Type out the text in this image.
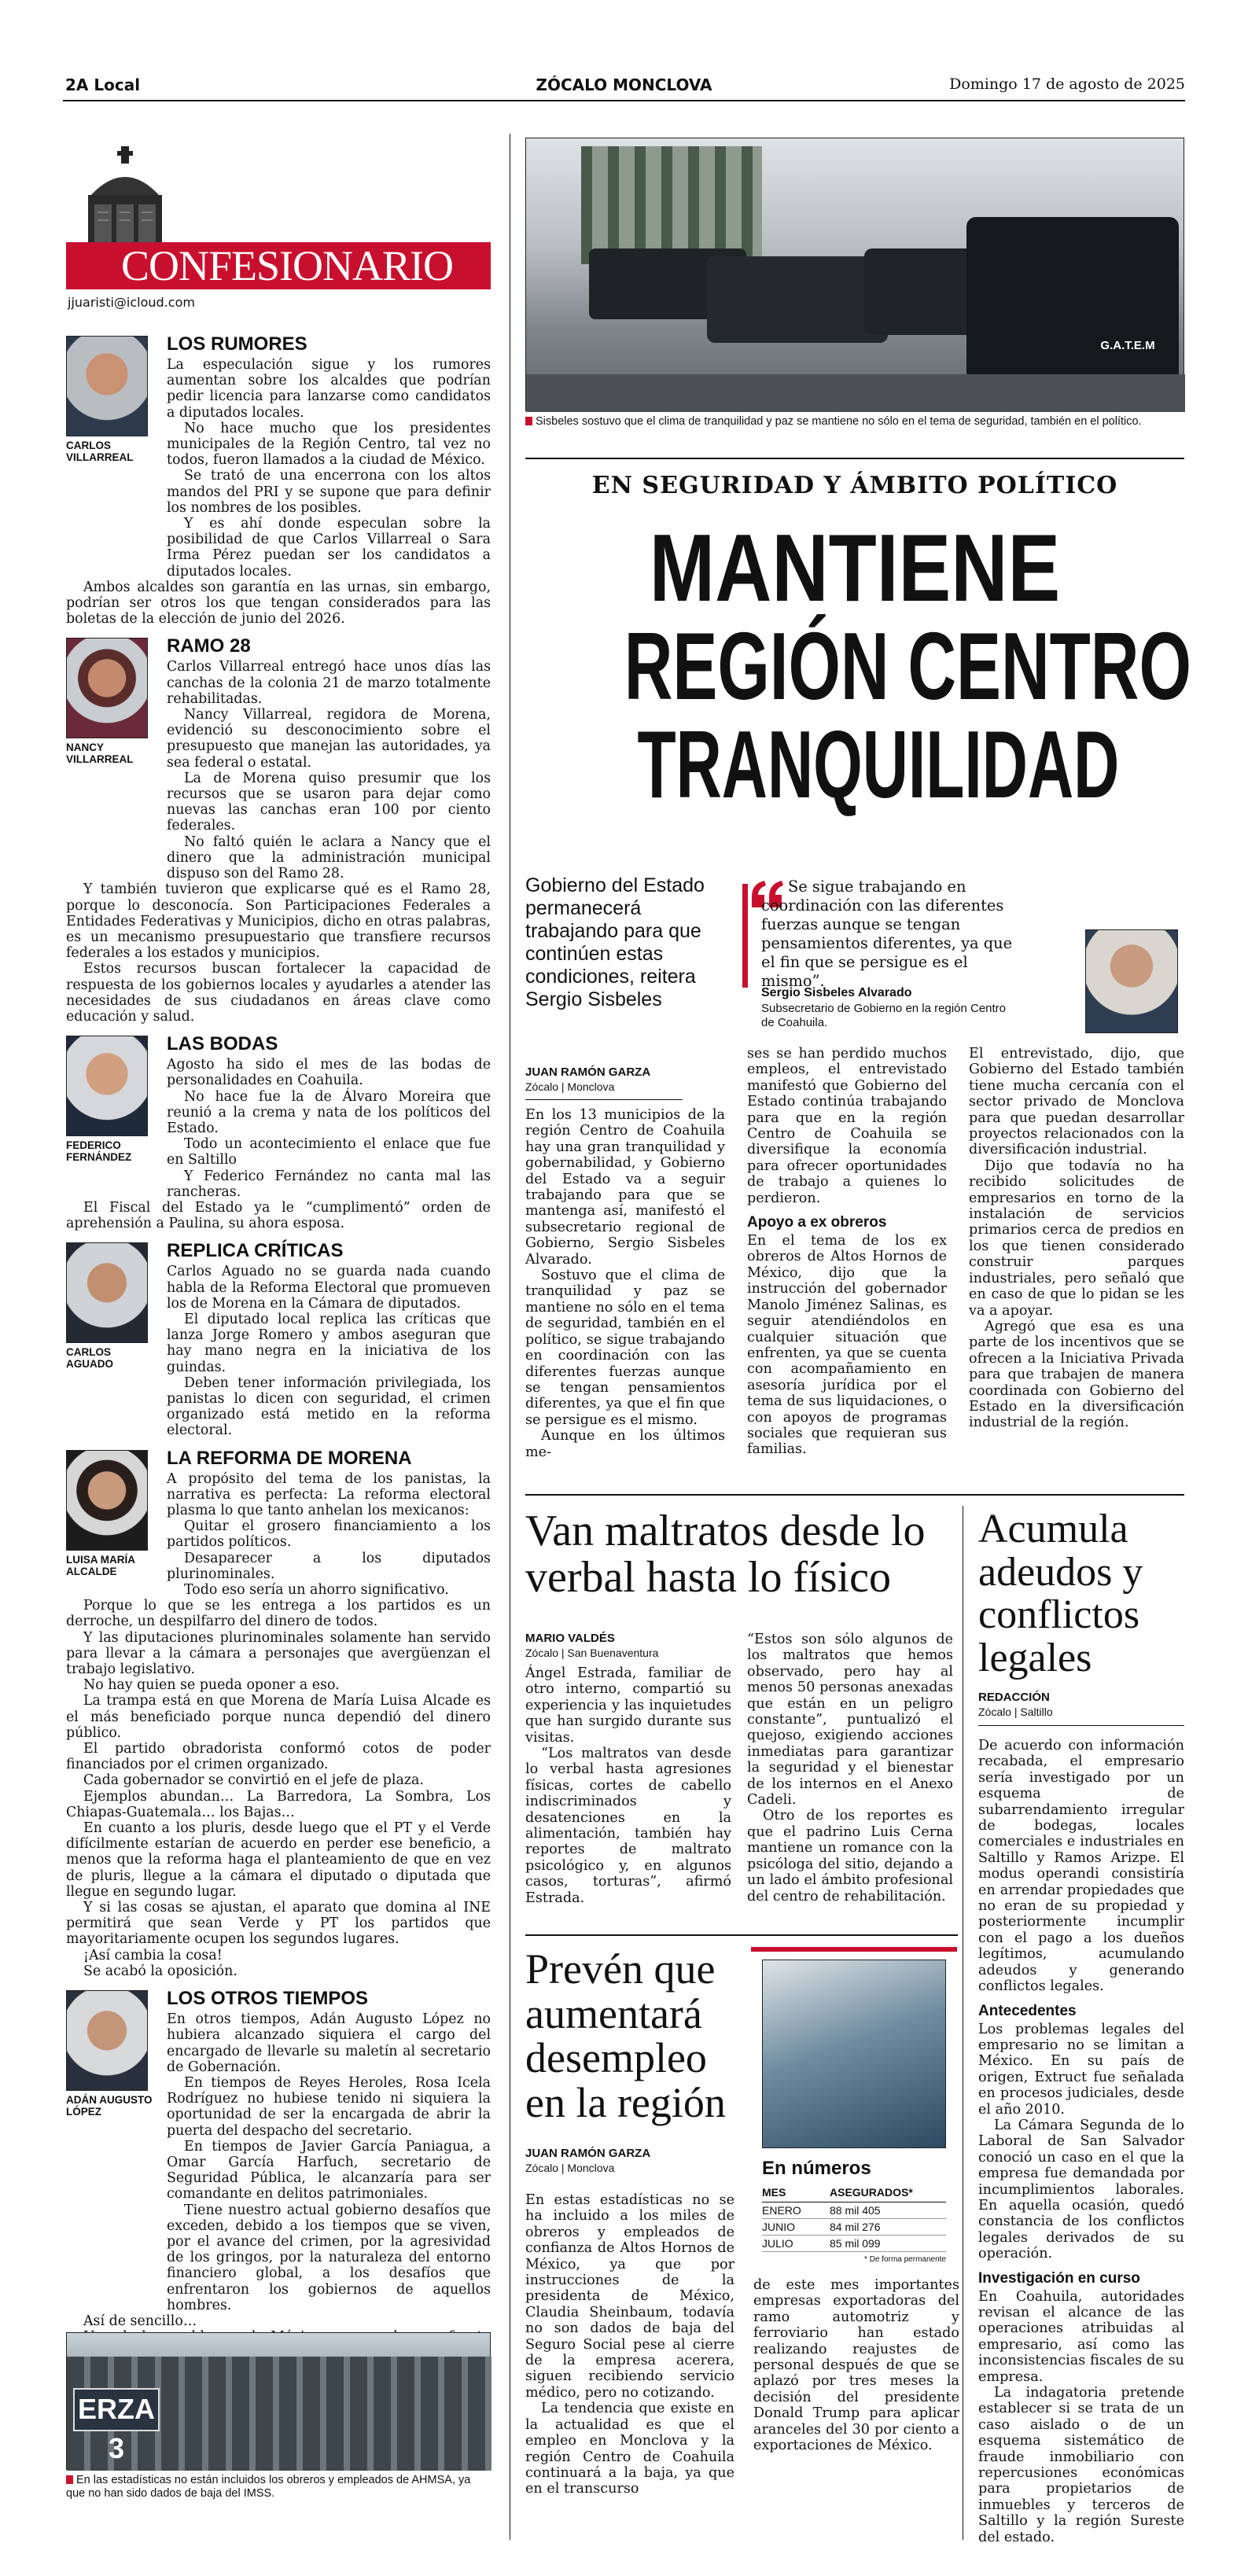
2A Local	ZÓCALO MONCLOVA	Domingo 17 de agosto de 2025
CONFESIONARIO
jjuaristi@icloud.com
CARLOS VILLARREAL
LOS RUMORES

La especulación sigue y los rumores aumentan sobre los alcaldes que podrían pedir licencia para lanzarse como candidatos a diputados locales.

No hace mucho que los presidentes municipales de la Región Centro, tal vez no todos, fueron llamados a la ciudad de México.

Se trató de una encerrona con los altos mandos del PRI y se supone que para definir los nombres de los posibles.

Y es ahí donde especulan sobre la posibilidad de que Carlos Villarreal o Sara Irma Pérez puedan ser los candidatos a diputados locales.

Ambos alcaldes son garantía en las urnas, sin embargo, podrían ser otros los que tengan considerados para las boletas de la elección de junio del 2026.

NANCY VILLARREAL
RAMO 28

Carlos Villarreal entregó hace unos días las canchas de la colonia 21 de marzo totalmente rehabilitadas.

Nancy Villarreal, regidora de Morena, evidenció su desconocimiento sobre el presupuesto que manejan las autoridades, ya sea federal o estatal.

La de Morena quiso presumir que los recursos que se usaron para dejar como nuevas las canchas eran 100 por ciento federales.

No faltó quién le aclara a Nancy que el dinero que la administración municipal dispuso son del Ramo 28.

Y también tuvieron que explicarse qué es el Ramo 28, porque lo desconocía. Son Participaciones Federales a Entidades Federativas y Municipios, dicho en otras palabras, es un mecanismo presupuestario que transfiere recursos federales a los estados y municipios.

Estos recursos buscan fortalecer la capacidad de respuesta de los gobiernos locales y ayudarles a atender las necesidades de sus ciudadanos en áreas clave como educación y salud.

FEDERICO FERNÁNDEZ
LAS BODAS

Agosto ha sido el mes de las bodas de personalidades en Coahuila.

No hace fue la de Álvaro Moreira que reunió a la crema y nata de los políticos del Estado.

Todo un acontecimiento el enlace que fue en Saltillo

Y Federico Fernández no canta mal las rancheras.

El Fiscal del Estado ya le “cumplimentó” orden de aprehensión a Paulina, su ahora esposa.

CARLOS AGUADO
REPLICA CRÍTICAS

Carlos Aguado no se guarda nada cuando habla de la Reforma Electoral que promueven los de Morena en la Cámara de diputados.

El diputado local replica las críticas que lanza Jorge Romero y ambos aseguran que hay mano negra en la iniciativa de los guindas.

Deben tener información privilegiada, los panistas lo dicen con seguridad, el crimen organizado está metido en la reforma electoral.

LUISA MARÍA ALCALDE
LA REFORMA DE MORENA

A propósito del tema de los panistas, la narrativa es perfecta: La reforma electoral plasma lo que tanto anhelan los mexicanos:

Quitar el grosero financiamiento a los partidos políticos.

Desaparecer a los diputados plurinominales.

Todo eso sería un ahorro significativo.

Porque lo que se les entrega a los partidos es un derroche, un despilfarro del dinero de todos.

Y las diputaciones plurinominales solamente han servido para llevar a la cámara a personajes que avergüenzan el trabajo legislativo.

No hay quien se pueda oponer a eso.

La trampa está en que Morena de María Luisa Alcade es el más beneficiado porque nunca dependió del dinero público.

El partido obradorista conformó cotos de poder financiados por el crimen organizado.

Cada gobernador se convirtió en el jefe de plaza.

Ejemplos abundan… La Barredora, La Sombra, Los Chiapas-Guatemala… los Bajas…

En cuanto a los pluris, desde luego que el PT y el Verde difícilmente estarían de acuerdo en perder ese beneficio, a menos que la reforma haga el planteamiento de que en vez de pluris, llegue a la cámara el diputado o diputada que llegue en segundo lugar.

Y si las cosas se ajustan, el aparato que domina al INE permitirá que sean Verde y PT los partidos que mayoritariamente ocupen los segundos lugares.

¡Así cambia la cosa!

Se acabó la oposición.

ADÁN AUGUSTO LÓPEZ
LOS OTROS TIEMPOS

En otros tiempos, Adán Augusto López no hubiera alcanzado siquiera el cargo del encargado de llevarle su maletín al secretario de Gobernación.

En tiempos de Reyes Heroles, Rosa Icela Rodríguez no hubiese tenido ni siquiera la oportunidad de ser la encargada de abrir la puerta del despacho del secretario.

En tiempos de Javier García Paniagua, a Omar García Harfuch, secretario de Seguridad Pública, le alcanzaría para ser comandante en delitos patrimoniales.

Tiene nuestro actual gobierno desafíos que exceden, debido a los tiempos que se viven, por el avance del crimen, por la agresividad de los gringos, por la naturaleza del entorno financiero global, a los desafíos que enfrentaron los gobiernos de aquellos hombres.

Así de sencillo…

ERZA 3
En las estadísticas no están incluidos los obreros y empleados de AHMSA, ya que no han sido dados de baja del IMSS.
G.A.T.E.M
Sisbeles sostuvo que el clima de tranquilidad y paz se mantiene no sólo en el tema de seguridad, también en el político.
EN SEGURIDAD Y ÁMBITO POLÍTICO
MANTIENE
REGIÓN CENTRO
TRANQUILIDAD
Gobierno del Estado permanecerá trabajando para que continúen estas condiciones, reitera Sergio Sisbeles
Se sigue trabajando en coordinación con las diferentes fuerzas aunque se tengan pensamientos diferentes, ya que el fin que se persigue es el mismo”.
Sergio Sisbeles Alvarado
Subsecretario de Gobierno en la región Centro de Coahuila.
JUAN RAMÓN GARZA
Zócalo | Monclova

En los 13 municipios de la región Centro de Coahuila hay una gran tranquilidad y gobernabilidad, y Gobierno del Estado va a seguir trabajando para que se mantenga así, manifestó el subsecretario regional de Gobierno, Sergio Sisbeles Alvarado.

Sostuvo que el clima de tranquilidad y paz se mantiene no sólo en el tema de seguridad, también en el político, se sigue trabajando en coordinación con las diferentes fuerzas aunque se tengan pensamientos diferentes, ya que el fin que se persigue es el mismo.

Aunque en los últimos me-

ses se han perdido muchos empleos, el entrevistado manifestó que Gobierno del Estado continúa trabajando para que en la región Centro de Coahuila se diversifique la economía para ofrecer oportunidades de trabajo a quienes lo perdieron.

Apoyo a ex obreros

En el tema de los ex obreros de Altos Hornos de México, dijo que la instrucción del gobernador Manolo Jiménez Salinas, es seguir atendiéndolos en cualquier situación que enfrenten, ya que se cuenta con acompañamiento en asesoría jurídica por el tema de sus liquidaciones, o con apoyos de programas sociales que requieran sus familias.

El entrevistado, dijo, que Gobierno del Estado también tiene mucha cercanía con el sector privado de Monclova para que puedan desarrollar proyectos relacionados con la diversificación industrial.

Dijo que todavía no ha recibido solicitudes de empresarios en torno de la instalación de servicios primarios cerca de predios en los que tienen considerado construir parques industriales, pero señaló que en caso de que lo pidan se les va a apoyar.

Agregó que esa es una parte de los incentivos que se ofrecen a la Iniciativa Privada para que trabajen de manera coordinada con Gobierno del Estado en la diversificación industrial de la región.

Van maltratos desde lo verbal hasta lo físico
MARIO VALDÉS
Zócalo | San Buenaventura

Ángel Estrada, familiar de otro interno, compartió su experiencia y las inquietudes que han surgido durante sus visitas.

“Los maltratos van desde lo verbal hasta agresiones físicas, cortes de cabello indiscriminados y desatenciones en la alimentación, también hay reportes de maltrato psicológico y, en algunos casos, torturas”, afirmó Estrada.

“Estos son sólo algunos de los maltratos que hemos observado, pero hay al menos 50 personas anexadas que están en un peligro constante”, puntualizó el quejoso, exigiendo acciones inmediatas para garantizar la seguridad y el bienestar de los internos en el Anexo Cadeli.

Otro de los reportes es que el padrino Luis Cerna mantiene un romance con la psicóloga del sitio, dejando a un lado el ámbito profesional del centro de rehabilitación.

Prevén que aumentará desempleo en la región
JUAN RAMÓN GARZA
Zócalo | Monclova

En estas estadísticas no se ha incluido a los miles de obreros y empleados de confianza de Altos Hornos de México, ya que por instrucciones de la presidenta de México, Claudia Sheinbaum, todavía no son dados de baja del Seguro Social pese al cierre de la empresa acerera, siguen recibiendo servicio médico, pero no cotizando.

La tendencia que existe en la actualidad es que el empleo en Monclova y la región Centro de Coahuila continuará a la baja, ya que en el transcurso

En números
MES	ASEGURADOS*
ENERO	88 mil 405
JUNIO	84 mil 276
JULIO	85 mil 099
* De forma permanente

de este mes importantes empresas exportadoras del ramo automotriz y ferroviario han estado realizando reajustes de personal después de que se aplazó por tres meses la decisión del presidente Donald Trump para aplicar aranceles del 30 por ciento a exportaciones de México.

Acumula adeudos y conflictos legales
REDACCIÓN
Zócalo | Saltillo

De acuerdo con información recabada, el empresario sería investigado por un esquema de subarrendamiento irregular de bodegas, locales comerciales e industriales en Saltillo y Ramos Arizpe. El modus operandi consistiría en arrendar propiedades que no eran de su propiedad y posteriormente incumplir con el pago a los dueños legítimos, acumulando adeudos y generando conflictos legales.

Antecedentes

Los problemas legales del empresario no se limitan a México. En su país de origen, Extruct fue señalada en procesos judiciales, desde el año 2010.

La Cámara Segunda de lo Laboral de San Salvador conoció un caso en el que la empresa fue demandada por incumplimientos laborales. En aquella ocasión, quedó constancia de los conflictos legales derivados de su operación.

Investigación en curso

En Coahuila, autoridades revisan el alcance de las operaciones atribuidas al empresario, así como las inconsistencias fiscales de su empresa.

La indagatoria pretende establecer si se trata de un caso aislado o de un esquema sistemático de fraude inmobiliario con repercusiones económicas para propietarios de inmuebles y terceros de Saltillo y la región Sureste del estado.
